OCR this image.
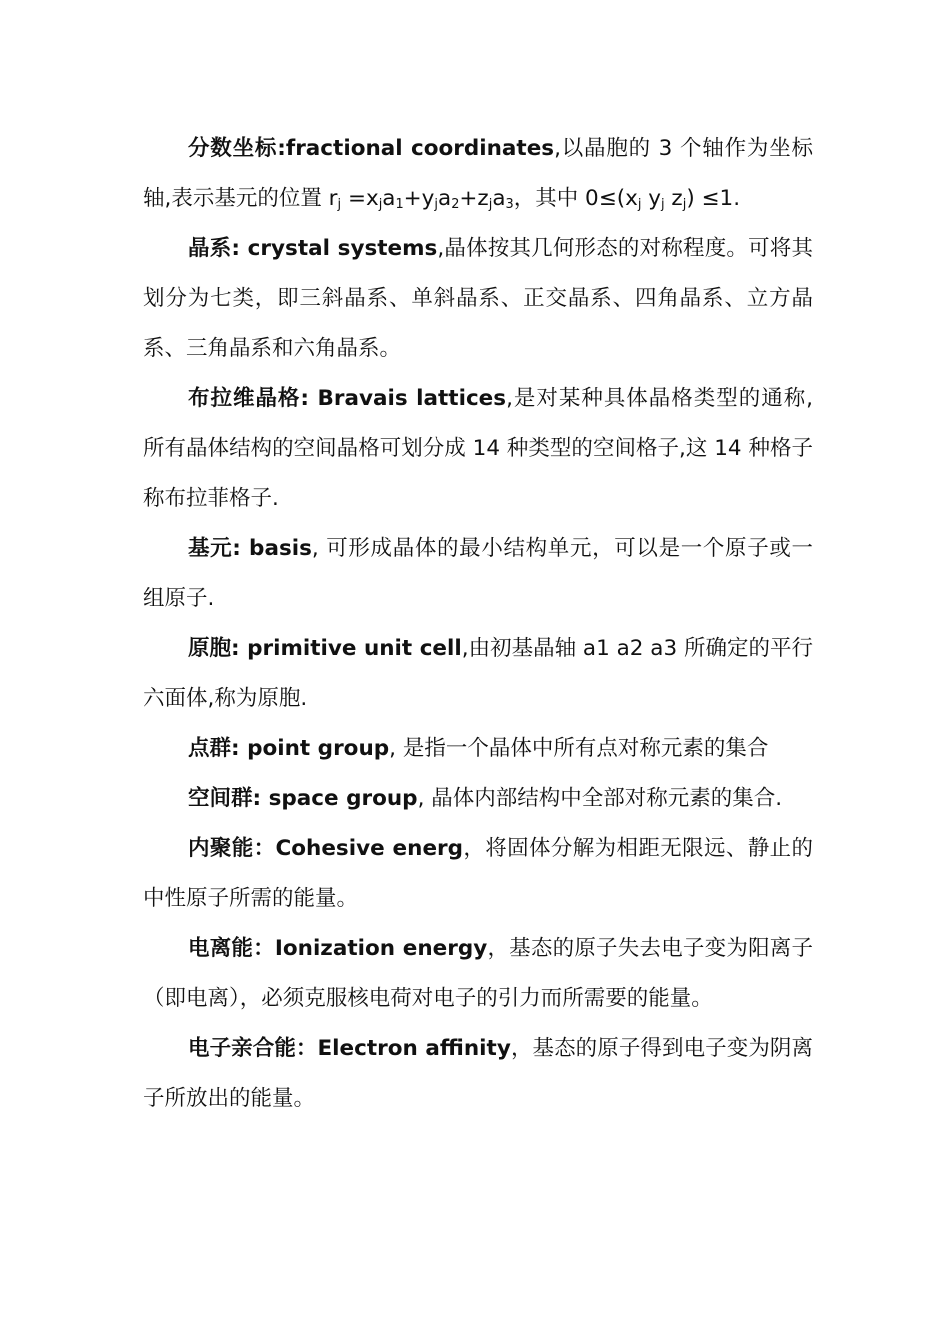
分数坐标:fractional coordinates,以晶胞的 3 个轴作为坐标轴,表示基元的位置 $r_j =x_ja_1+y_ja_2+z_ja_3$，其中 $0\le(x_j$ $y_j$ $z_j) \le 1$.

晶系: crystal systems,晶体按其几何形态的对称程度。可将其划分为七类，即三斜晶系、单斜晶系、正交晶系、四角晶系、立方晶系、三角晶系和六角晶系。

布拉维晶格: Bravais lattices,是对某种具体晶格类型的通称,所有晶体结构的空间晶格可划分成 14 种类型的空间格子,这 14 种格子称布拉菲格子.

基元: basis, 可形成晶体的最小结构单元，可以是一个原子或一组原子.

原胞: primitive unit cell,由初基晶轴 a1 a2 a3 所确定的平行六面体,称为原胞.

点群: point group, 是指一个晶体中所有点对称元素的集合

空间群: space group, 晶体内部结构中全部对称元素的集合.

内聚能：Cohesive energ，将固体分解为相距无限远、静止的中性原子所需的能量。

电离能：Ionization energy，基态的原子失去电子变为阳离子（即电离），必须克服核电荷对电子的引力而所需要的能量。

电子亲合能：Electron affinity，基态的原子得到电子变为阴离子所放出的能量。
